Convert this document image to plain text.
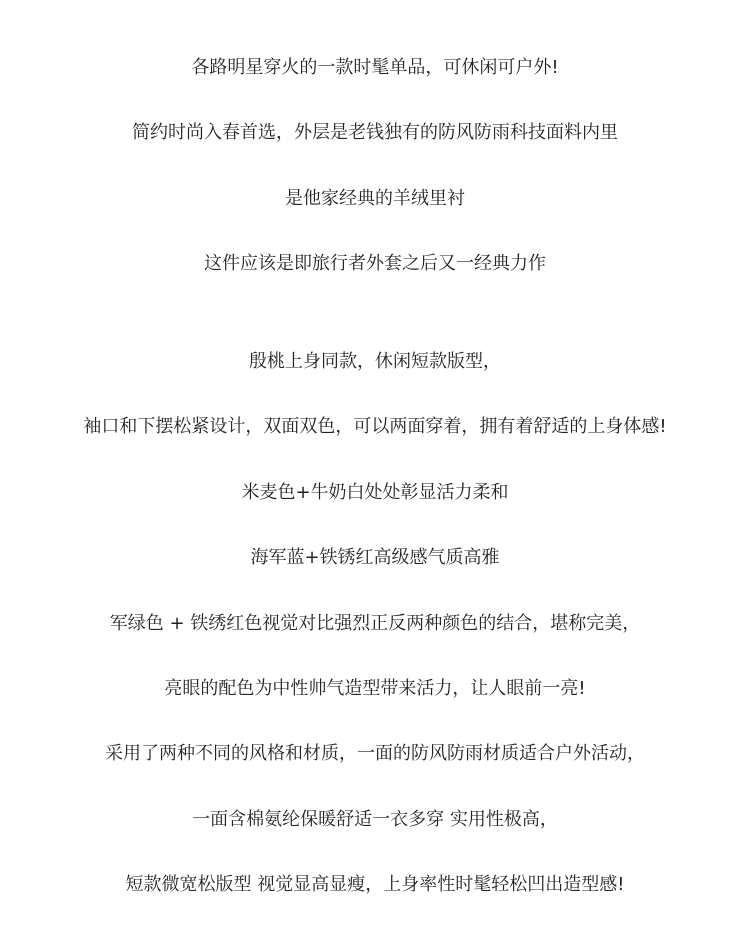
各路明星穿火的一款时髦单品，可休闲可户外!
简约时尚入春首选，外层是老钱独有的防风防雨科技面料内里
是他家经典的羊绒里衬
这件应该是即旅行者外套之后又一经典力作
殷桃上身同款，休闲短款版型，
袖口和下摆松紧设计，双面双色，可以两面穿着，拥有着舒适的上身体感!
米麦色+牛奶白处处彰显活力柔和
海军蓝+铁锈红高级感气质高雅
军绿色 + 铁绣红色视觉对比强烈正反两种颜色的结合，堪称完美，
亮眼的配色为中性帅气造型带来活力，让人眼前一亮!
采用了两种不同的风格和材质，一面的防风防雨材质适合户外活动，
一面含棉氨纶保暖舒适一衣多穿 实用性极高，
短款微宽松版型 视觉显高显瘦，上身率性时髦轻松凹出造型感!
